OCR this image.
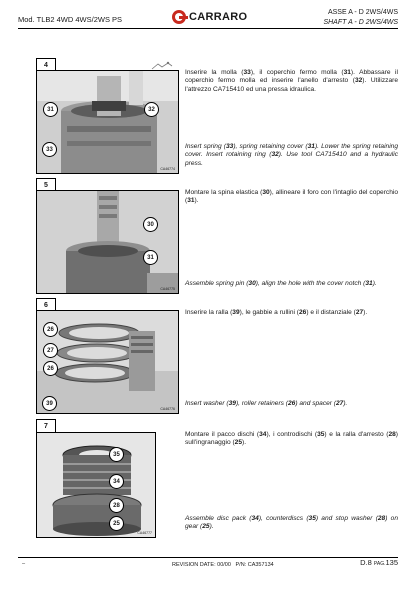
Mod. TLB2 4WD 4WS/2WS PS	CARRARO	ASSE A - D 2WS/4WS
SHAFT A - D 2WS/4WS
4
31	32
33
CA46774
Inserire la molla (33), il coperchio fermo molla (31). Abbassare il coperchio fermo molla ed inserire l'anello d'arresto (32). Utilizzare l'attrezzo CA715410 ed una pressa idraulica.
Insert spring (33), spring retaining cover (31). Lower the spring retaining cover. Insert rotaining ring (32). Use tool CA715410 and a hydraulic press.
5
30
31
CA46775
Montare la spina elastica (30), allineare il foro con l'intaglio del coperchio (31).
Assemble spring pin (30), align the hole with the cover notch (31).
6
26
27
26
39
CA46776
Inserire la ralla (39), le gabbie a rullini (26) e il distanziale (27).
Insert washer (39), roller retainers (26) and spacer (27).
7
35
34
28
25
CA46777
Montare il pacco dischi (34), i controdischi (35) e la ralla d'arresto (28) sull'ingranaggio (25).
Assemble disc pack (34), counterdiscs (35) and stop washer (28) on gear (25).
–	REVISION DATE: 00/00 P/N: CA357134	D.8 PAG.135
